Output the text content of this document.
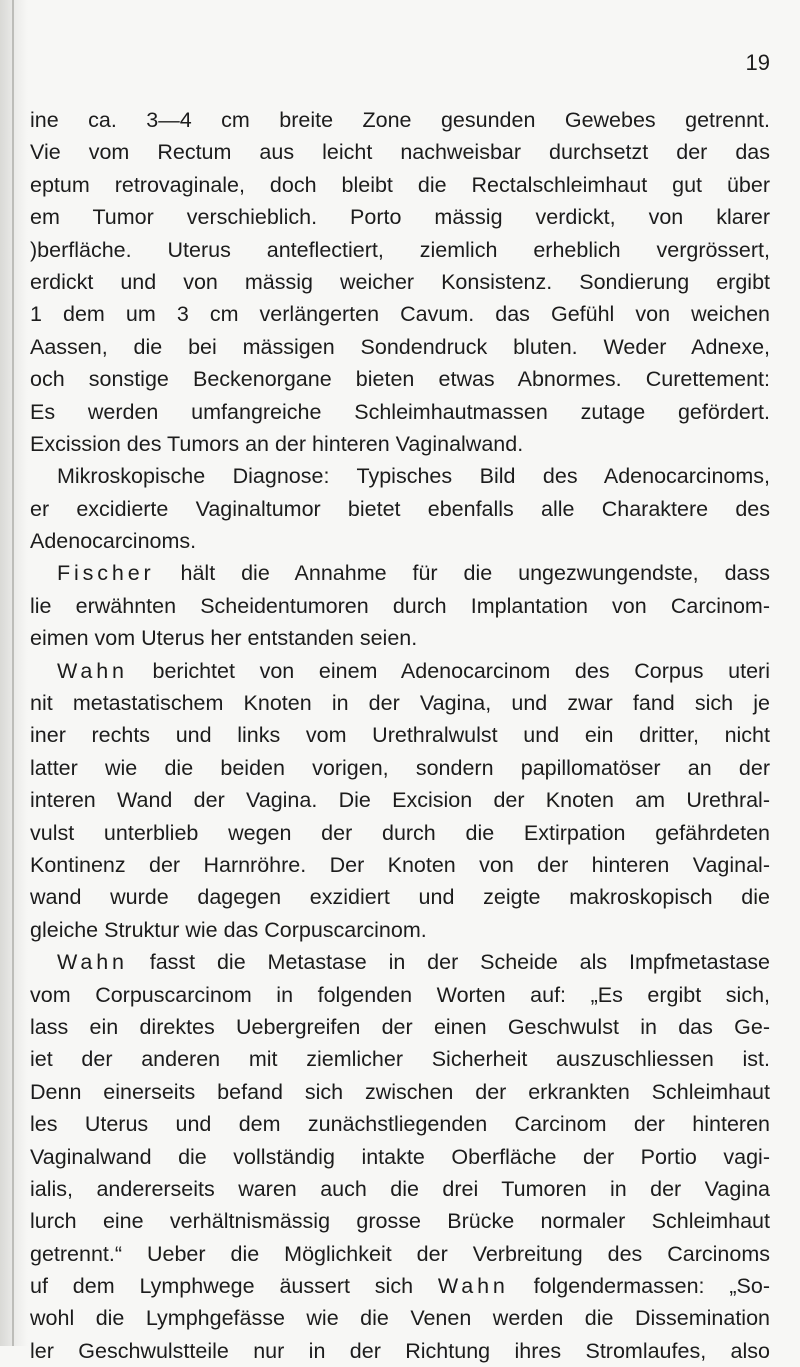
19
ine ca. 3—4 cm breite Zone gesunden Gewebes getrennt.
Vie vom Rectum aus leicht nachweisbar durchsetzt der das
eptum retrovaginale, doch bleibt die Rectalschleimhaut gut über
em Tumor verschieblich. Porto mässig verdickt, von klarer
)berfläche. Uterus anteflectiert, ziemlich erheblich vergrössert,
erdickt und von mässig weicher Konsistenz. Sondierung ergibt
1 dem um 3 cm verlängerten Cavum. das Gefühl von weichen
Aassen, die bei mässigen Sondendruck bluten. Weder Adnexe,
och sonstige Beckenorgane bieten etwas Abnormes. Curettement:
Es werden umfangreiche Schleimhautmassen zutage gefördert.
Excission des Tumors an der hinteren Vaginalwand.
Mikroskopische Diagnose: Typisches Bild des Adenocarcinoms,
er excidierte Vaginaltumor bietet ebenfalls alle Charaktere des
Adenocarcinoms.
Fischer hält die Annahme für die ungezwungendste, dass
lie erwähnten Scheidentumoren durch Implantation von Carcinom-
eimen vom Uterus her entstanden seien.
Wahn berichtet von einem Adenocarcinom des Corpus uteri
nit metastatischem Knoten in der Vagina, und zwar fand sich je
iner rechts und links vom Urethralwulst und ein dritter, nicht
latter wie die beiden vorigen, sondern papillomatöser an der
interen Wand der Vagina. Die Excision der Knoten am Urethral-
vulst unterblieb wegen der durch die Extirpation gefährdeten
Kontinenz der Harnröhre. Der Knoten von der hinteren Vaginal-
wand wurde dagegen exzidiert und zeigte makroskopisch die
gleiche Struktur wie das Corpuscarcinom.
Wahn fasst die Metastase in der Scheide als Impfmetastase
vom Corpuscarcinom in folgenden Worten auf: „Es ergibt sich,
lass ein direktes Uebergreifen der einen Geschwulst in das Ge-
iet der anderen mit ziemlicher Sicherheit auszuschliessen ist.
Denn einerseits befand sich zwischen der erkrankten Schleimhaut
les Uterus und dem zunächstliegenden Carcinom der hinteren
Vaginalwand die vollständig intakte Oberfläche der Portio vagi-
ialis, andererseits waren auch die drei Tumoren in der Vagina
lurch eine verhältnismässig grosse Brücke normaler Schleimhaut
getrennt.“ Ueber die Möglichkeit der Verbreitung des Carcinoms
uf dem Lymphwege äussert sich Wahn folgendermassen: „So-
wohl die Lymphgefässe wie die Venen werden die Dissemination
ler Geschwulstteile nur in der Richtung ihres Stromlaufes, also
